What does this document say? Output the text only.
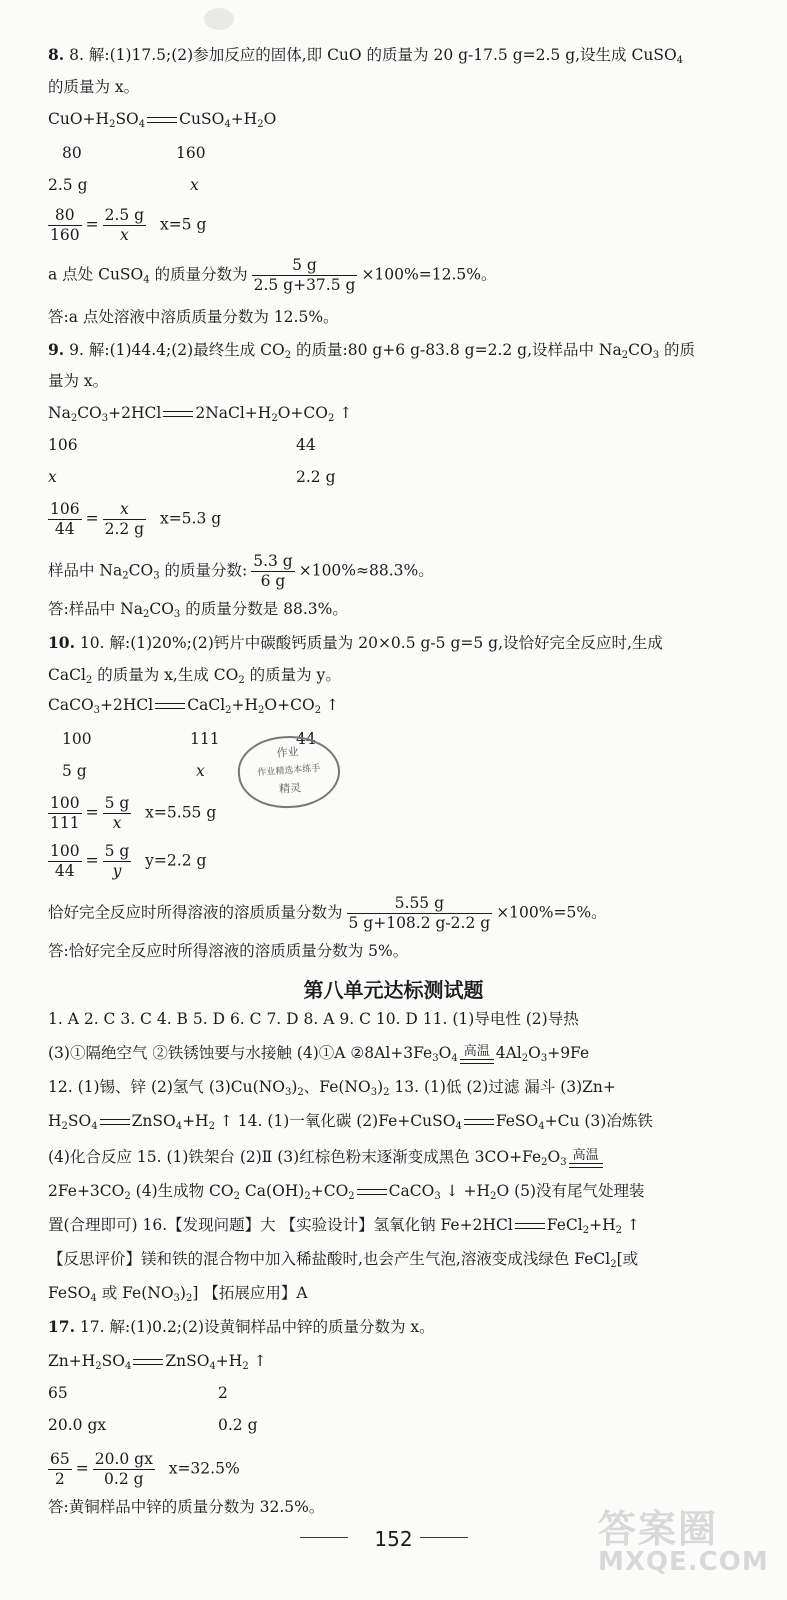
8. 8. 解:(1)17.5;(2)参加反应的固体,即 CuO 的质量为 20 g-17.5 g=2.5 g,设生成 CuSO$_4$
的质量为 x。
$CuO+H_2SO_4$ $CuSO_4+H_2O$
80	160
2.5 g	x
$\frac{80}{160} = \frac{2.5 g}{x} x=5$ g
a 点处 CuSO$_4$ 的质量分数为 $\frac{5 g}{2.5 g+37.5 g} \times 100\%=12.5\%$。
答:a 点处溶液中溶质质量分数为 12.5%。
9. 9. 解:(1)44.4;(2)最终生成 $CO_2$ 的质量:80 g+6 g-83.8 g=2.2 g,设样品中 $Na_2CO_3$ 的质
量为 x。
$Na_2CO_3+2HCl$ $2NaCl+H_2O+CO_2$ ↑
106	44
x	2.2 g
$\frac{106}{44} = \frac{x}{2.2 g} x=5.3$ g
样品中 $Na_2CO_3$ 的质量分数: $\frac{5.3 g}{6 g} \times 100\%\approx 88.3\%$。
答:样品中 $Na_2CO_3$ 的质量分数是 88.3%。
10. 10. 解:(1)20%;(2)钙片中碳酸钙质量为 20×0.5 g-5 g=5 g,设恰好完全反应时,生成
CaCl$_2$ 的质量为 x,生成 $CO_2$ 的质量为 y。
CaCO$_3$+2HCl $CaCl_2+H_2O+CO_2$ ↑
100	111	44
5 g	x
作业
作业精选本练手
精灵
$\frac{100}{111} = \frac{5 g}{x} x=5.55$ g
$\frac{100}{44} = \frac{5 g}{y} y=2.2$ g
恰好完全反应时所得溶液的溶质质量分数为 $\frac{5.55 g}{5 g+108.2 g-2.2 g} \times 100\%=5\%$。
答:恰好完全反应时所得溶液的溶质质量分数为 5%。
第八单元达标测试题
1. A 2. C 3. C 4. B 5. D 6. C 7. D 8. A 9. C 10. D 11. (1)导电性 (2)导热
(3)①隔绝空气 ②铁锈蚀要与水接触 (4)①A $②8Al+3Fe_3O_4$ 高温 $4Al_2O_3+9Fe$
12. (1)锡、锌 (2)氢气 $(3)Cu(NO_3)_2$、$Fe(NO_3)_2$ 13. (1)低 (2)过滤 漏斗 (3)Zn+
$H_2SO_4$ $ZnSO_4+H_2$ ↑ 14. (1)一氧化碳 (2)Fe+CuSO$_4$ FeSO$_4$+Cu (3)冶炼铁
(4)化合反应 15. (1)铁架台 (2)Ⅱ (3)红棕色粉末逐渐变成黑色 $3CO+Fe_2O_3$ 高温
$2Fe+3CO_2$ (4)生成物 $CO_2$ $Ca(OH)_2+CO_2$ CaCO$_3$ ↓ $+H_2O$ (5)没有尾气处理装
置(合理即可) 16.【发现问题】大 【实验设计】氢氧化钠 Fe+2HCl $FeCl_2+H_2$ ↑
【反思评价】镁和铁的混合物中加入稀盐酸时,也会产生气泡,溶液变成浅绿色 FeCl$_2$[或
FeSO$_4$ 或 $Fe(NO_3)_2$] 【拓展应用】A
17. 17. 解:(1)0.2;(2)设黄铜样品中锌的质量分数为 x。
$Zn+H_2SO_4$ $ZnSO_4+H_2$ ↑
65	2
20.0 gx	0.2 g
$\frac{65}{2} = \frac{20.0 gx}{0.2 g} x=32.5\%$
答:黄铜样品中锌的质量分数为 32.5%。
152	答案圈
MXQE.COM
